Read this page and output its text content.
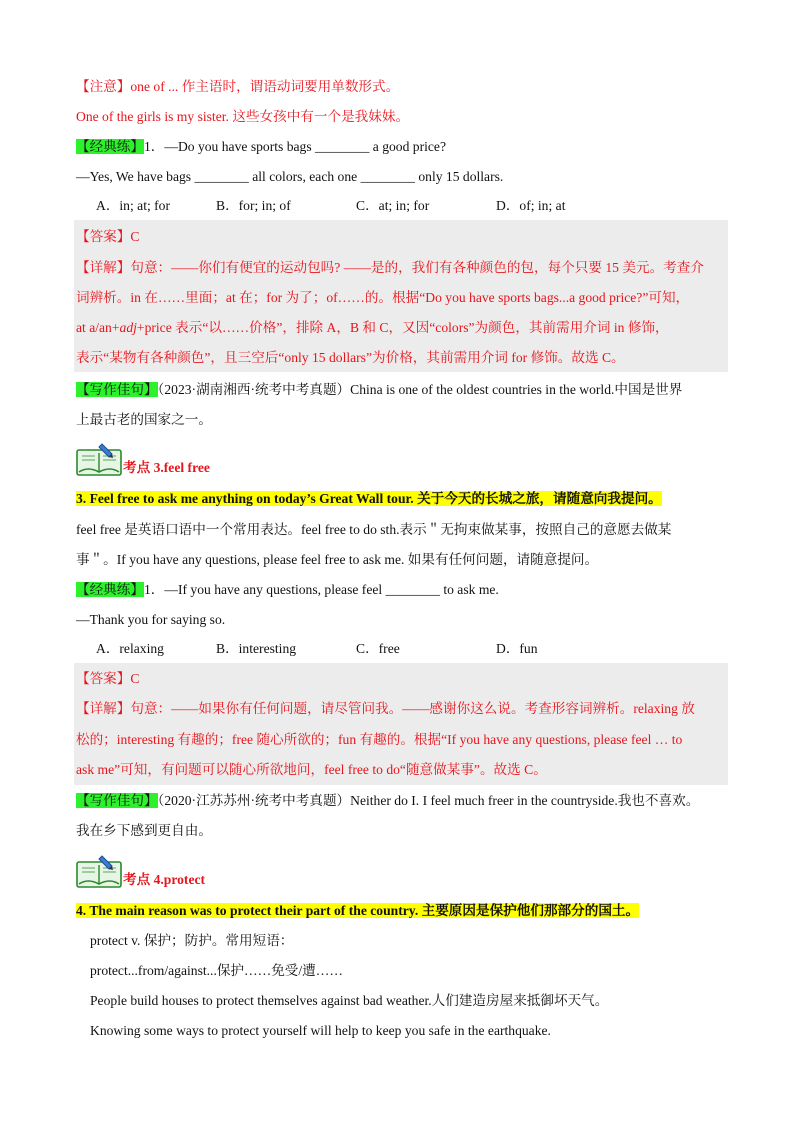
【注意】one of ... 作主语时，谓语动词要用单数形式。
One of the girls is my sister. 这些女孩中有一个是我妹妹。
【经典练】1．—Do you have sports bags ________ a good price?
—Yes, We have bags ________ all colors, each one ________ only 15 dollars.
A．in; at; for	B．for; in; of	C．at; in; for	D．of; in; at
【答案】C
【详解】句意：——你们有便宜的运动包吗? ——是的，我们有各种颜色的包，每个只要 15 美元。考查介
词辨析。in 在……里面；at 在；for 为了；of……的。根据“Do you have sports bags...a good price?”可知，
at a/an+adj+price 表示“以……价格”，排除 A，B 和 C，又因“colors”为颜色，其前需用介词 in 修饰，
表示“某物有各种颜色”，且三空后“only 15 dollars”为价格，其前需用介词 for 修饰。故选 C。
【写作佳句】（2023·湖南湘西·统考中考真题）China is one of the oldest countries in the world.中国是世界
上最古老的国家之一。
考点 3.feel free
3. Feel free to ask me anything on today’s Great Wall tour. 关于今天的长城之旅，请随意向我提问。
feel free 是英语口语中一个常用表达。feel free to do sth.表示＂无拘束做某事，按照自己的意愿去做某
事＂。If you have any questions, please feel free to ask me. 如果有任何问题，请随意提问。
【经典练】1．—If you have any questions, please feel ________ to ask me.
—Thank you for saying so.
A．relaxing	B．interesting	C．free	D．fun
【答案】C
【详解】句意：——如果你有任何问题，请尽管问我。——感谢你这么说。考查形容词辨析。relaxing 放
松的；interesting 有趣的；free 随心所欲的；fun 有趣的。根据“If you have any questions, please feel … to
ask me”可知，有问题可以随心所欲地问，feel free to do“随意做某事”。故选 C。
【写作佳句】（2020·江苏苏州·统考中考真题）Neither do I. I feel much freer in the countryside.我也不喜欢。
我在乡下感到更自由。
考点 4.protect
4. The main reason was to protect their part of the country. 主要原因是保护他们那部分的国土。
protect v. 保护；防护。常用短语：
protect...from/against...保护……免受/遭……
People build houses to protect themselves against bad weather.人们建造房屋来抵御坏天气。
Knowing some ways to protect yourself will help to keep you safe in the earthquake.
